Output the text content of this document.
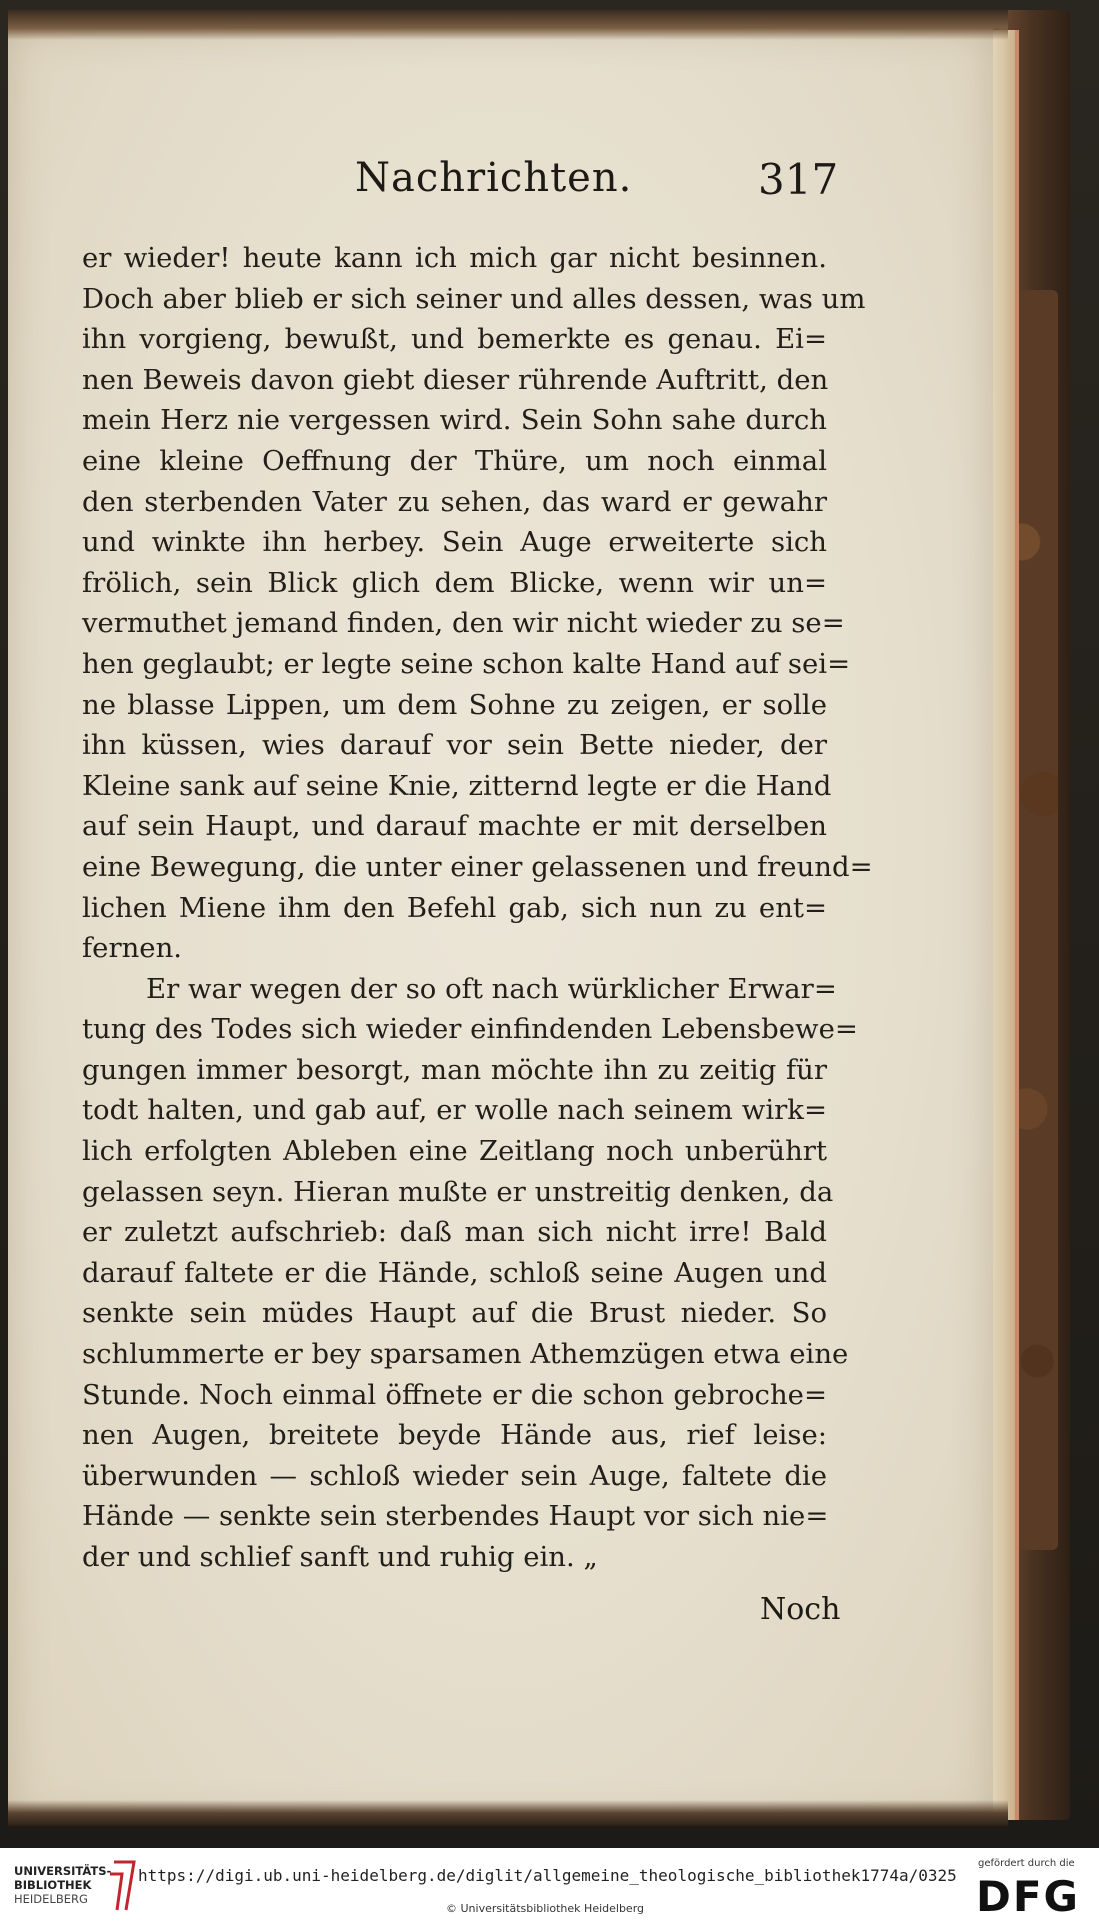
Nachrichten.	317
er wieder! heute kann ich mich gar nicht besinnen.
Doch aber blieb er sich seiner und alles dessen, was um
ihn vorgieng, bewußt, und bemerkte es genau. Ei=
nen Beweis davon giebt dieser rührende Auftritt, den
mein Herz nie vergessen wird. Sein Sohn sahe durch
eine kleine Oeffnung der Thüre, um noch einmal
den sterbenden Vater zu sehen, das ward er gewahr
und winkte ihn herbey. Sein Auge erweiterte sich
frölich, sein Blick glich dem Blicke, wenn wir un=
vermuthet jemand finden, den wir nicht wieder zu se=
hen geglaubt; er legte seine schon kalte Hand auf sei=
ne blasse Lippen, um dem Sohne zu zeigen, er solle
ihn küssen, wies darauf vor sein Bette nieder, der
Kleine sank auf seine Knie, zitternd legte er die Hand
auf sein Haupt, und darauf machte er mit derselben
eine Bewegung, die unter einer gelassenen und freund=
lichen Miene ihm den Befehl gab, sich nun zu ent=
fernen.
Er war wegen der so oft nach würklicher Erwar=
tung des Todes sich wieder einfindenden Lebensbewe=
gungen immer besorgt, man möchte ihn zu zeitig für
todt halten, und gab auf, er wolle nach seinem wirk=
lich erfolgten Ableben eine Zeitlang noch unberührt
gelassen seyn. Hieran mußte er unstreitig denken, da
er zuletzt aufschrieb: daß man sich nicht irre! Bald
darauf faltete er die Hände, schloß seine Augen und
senkte sein müdes Haupt auf die Brust nieder. So
schlummerte er bey sparsamen Athemzügen etwa eine
Stunde. Noch einmal öffnete er die schon gebroche=
nen Augen, breitete beyde Hände aus, rief leise:
überwunden — schloß wieder sein Auge, faltete die
Hände — senkte sein sterbendes Haupt vor sich nie=
der und schlief sanft und ruhig ein. „
Noch
UNIVERSITÄTS-
BIBLIOTHEK
HEIDELBERG
https://digi.ub.uni-heidelberg.de/diglit/allgemeine_theologische_bibliothek1774a/0325
© Universitätsbibliothek Heidelberg
gefördert durch die
DFG
